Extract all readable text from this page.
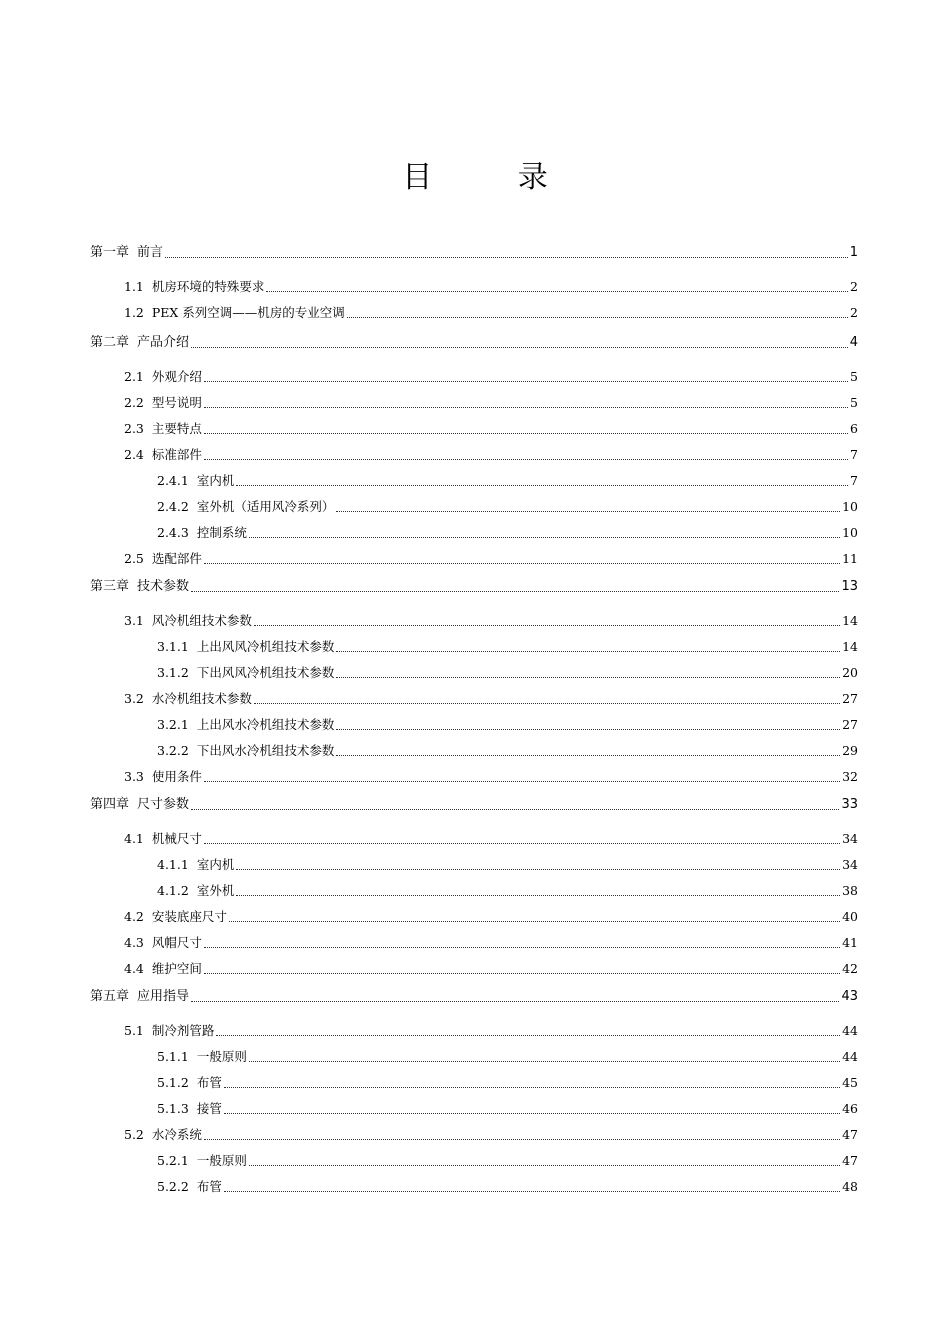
目 录
第一章 前言	1
1.1 机房环境的特殊要求	2
1.2 PEX 系列空调——机房的专业空调	2
第二章 产品介绍	4
2.1 外观介绍	5
2.2 型号说明	5
2.3 主要特点	6
2.4 标准部件	7
2.4.1 室内机	7
2.4.2 室外机（适用风冷系列）	10
2.4.3 控制系统	10
2.5 选配部件	11
第三章 技术参数	13
3.1 风冷机组技术参数	14
3.1.1 上出风风冷机组技术参数	14
3.1.2 下出风风冷机组技术参数	20
3.2 水冷机组技术参数	27
3.2.1 上出风水冷机组技术参数	27
3.2.2 下出风水冷机组技术参数	29
3.3 使用条件	32
第四章 尺寸参数	33
4.1 机械尺寸	34
4.1.1 室内机	34
4.1.2 室外机	38
4.2 安装底座尺寸	40
4.3 风帽尺寸	41
4.4 维护空间	42
第五章 应用指导	43
5.1 制冷剂管路	44
5.1.1 一般原则	44
5.1.2 布管	45
5.1.3 接管	46
5.2 水冷系统	47
5.2.1 一般原则	47
5.2.2 布管	48
